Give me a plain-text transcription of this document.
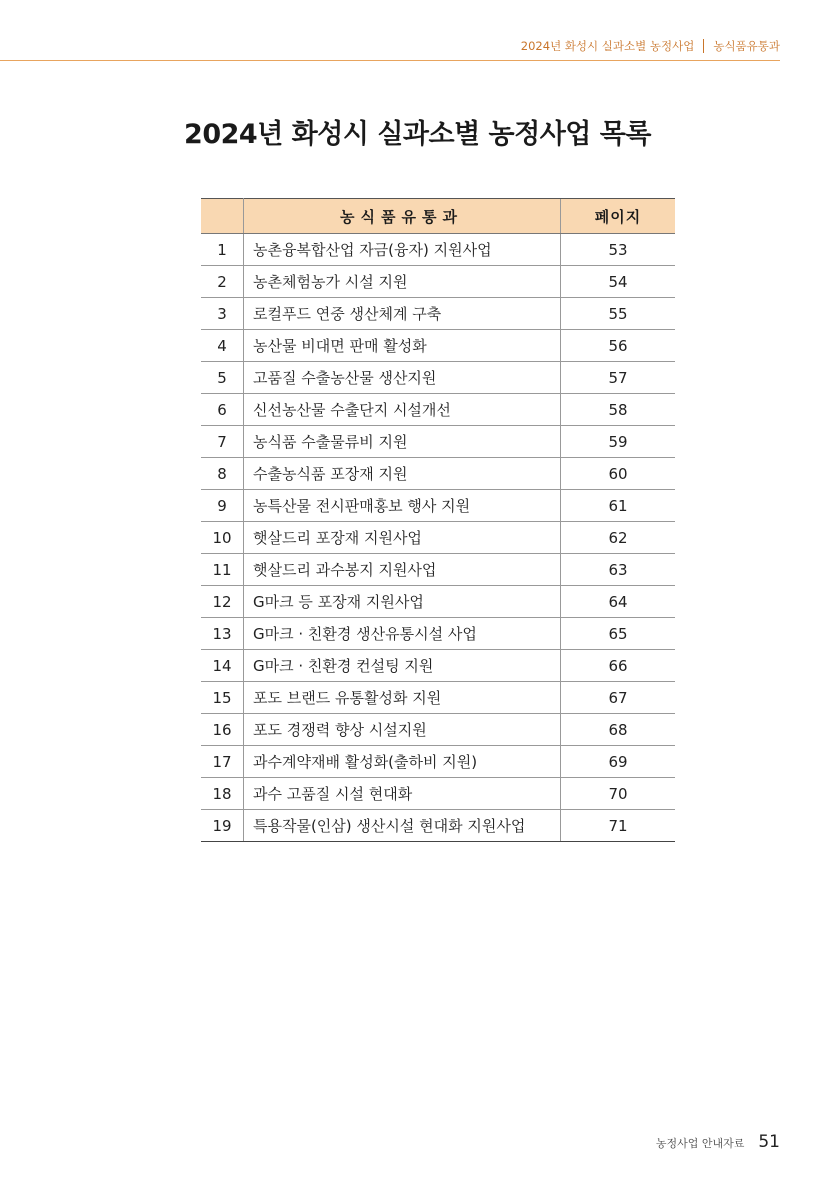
2024년 화성시 실과소별 농정사업 농식품유통과
2024년 화성시 실과소별 농정사업 목록
	농식품유통과	페이지
1	농촌융복합산업 자금(융자) 지원사업	53
2	농촌체험농가 시설 지원	54
3	로컬푸드 연중 생산체계 구축	55
4	농산물 비대면 판매 활성화	56
5	고품질 수출농산물 생산지원	57
6	신선농산물 수출단지 시설개선	58
7	농식품 수출물류비 지원	59
8	수출농식품 포장재 지원	60
9	농특산물 전시판매홍보 행사 지원	61
10	햇살드리 포장재 지원사업	62
11	햇살드리 과수봉지 지원사업	63
12	G마크 등 포장재 지원사업	64
13	G마크 · 친환경 생산유통시설 사업	65
14	G마크 · 친환경 컨설팅 지원	66
15	포도 브랜드 유통활성화 지원	67
16	포도 경쟁력 향상 시설지원	68
17	과수계약재배 활성화(출하비 지원)	69
18	과수 고품질 시설 현대화	70
19	특용작물(인삼) 생산시설 현대화 지원사업	71
농정사업 안내자료 51
